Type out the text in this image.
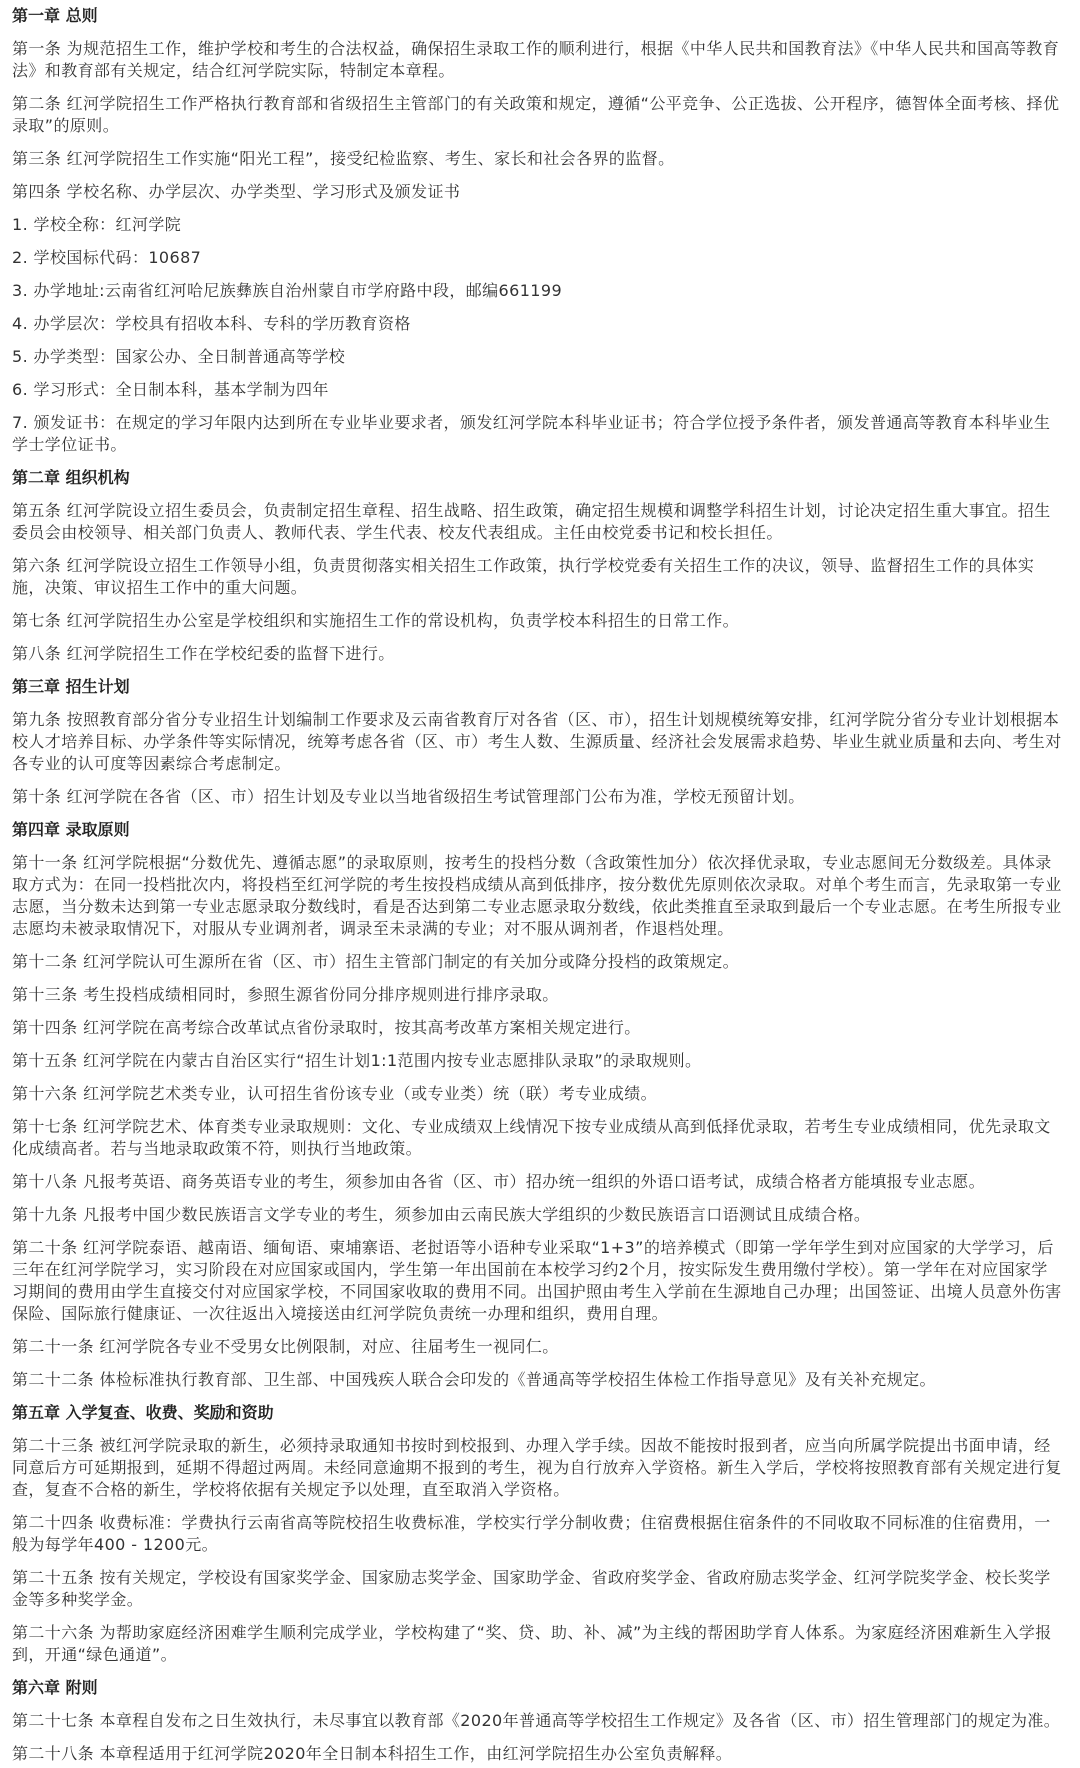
第一章 总则

第一条 为规范招生工作，维护学校和考生的合法权益，确保招生录取工作的顺利进行，根据《中华人民共和国教育法》《中华人民共和国高等教育法》和教育部有关规定，结合红河学院实际，特制定本章程。

第二条 红河学院招生工作严格执行教育部和省级招生主管部门的有关政策和规定，遵循“公平竞争、公正选拔、公开程序，德智体全面考核、择优录取”的原则。

第三条 红河学院招生工作实施“阳光工程”，接受纪检监察、考生、家长和社会各界的监督。

第四条 学校名称、办学层次、办学类型、学习形式及颁发证书

1. 学校全称：红河学院

2. 学校国标代码：10687

3. 办学地址:云南省红河哈尼族彝族自治州蒙自市学府路中段，邮编661199

4. 办学层次：学校具有招收本科、专科的学历教育资格

5. 办学类型：国家公办、全日制普通高等学校

6. 学习形式：全日制本科，基本学制为四年

7. 颁发证书：在规定的学习年限内达到所在专业毕业要求者，颁发红河学院本科毕业证书；符合学位授予条件者，颁发普通高等教育本科毕业生学士学位证书。

第二章 组织机构

第五条 红河学院设立招生委员会，负责制定招生章程、招生战略、招生政策，确定招生规模和调整学科招生计划，讨论决定招生重大事宜。招生委员会由校领导、相关部门负责人、教师代表、学生代表、校友代表组成。主任由校党委书记和校长担任。

第六条 红河学院设立招生工作领导小组，负责贯彻落实相关招生工作政策，执行学校党委有关招生工作的决议，领导、监督招生工作的具体实施，决策、审议招生工作中的重大问题。

第七条 红河学院招生办公室是学校组织和实施招生工作的常设机构，负责学校本科招生的日常工作。

第八条 红河学院招生工作在学校纪委的监督下进行。

第三章 招生计划

第九条 按照教育部分省分专业招生计划编制工作要求及云南省教育厅对各省（区、市），招生计划规模统筹安排，红河学院分省分专业计划根据本校人才培养目标、办学条件等实际情况，统筹考虑各省（区、市）考生人数、生源质量、经济社会发展需求趋势、毕业生就业质量和去向、考生对各专业的认可度等因素综合考虑制定。

第十条 红河学院在各省（区、市）招生计划及专业以当地省级招生考试管理部门公布为准，学校无预留计划。

第四章 录取原则

第十一条 红河学院根据“分数优先、遵循志愿”的录取原则，按考生的投档分数（含政策性加分）依次择优录取，专业志愿间无分数级差。具体录取方式为：在同一投档批次内，将投档至红河学院的考生按投档成绩从高到低排序，按分数优先原则依次录取。对单个考生而言，先录取第一专业志愿，当分数未达到第一专业志愿录取分数线时，看是否达到第二专业志愿录取分数线，依此类推直至录取到最后一个专业志愿。在考生所报专业志愿均未被录取情况下，对服从专业调剂者，调录至未录满的专业；对不服从调剂者，作退档处理。

第十二条 红河学院认可生源所在省（区、市）招生主管部门制定的有关加分或降分投档的政策规定。

第十三条 考生投档成绩相同时，参照生源省份同分排序规则进行排序录取。

第十四条 红河学院在高考综合改革试点省份录取时，按其高考改革方案相关规定进行。

第十五条 红河学院在内蒙古自治区实行“招生计划1:1范围内按专业志愿排队录取”的录取规则。

第十六条 红河学院艺术类专业，认可招生省份该专业（或专业类）统（联）考专业成绩。

第十七条 红河学院艺术、体育类专业录取规则：文化、专业成绩双上线情况下按专业成绩从高到低择优录取，若考生专业成绩相同，优先录取文化成绩高者。若与当地录取政策不符，则执行当地政策。

第十八条 凡报考英语、商务英语专业的考生，须参加由各省（区、市）招办统一组织的外语口语考试，成绩合格者方能填报专业志愿。

第十九条 凡报考中国少数民族语言文学专业的考生，须参加由云南民族大学组织的少数民族语言口语测试且成绩合格。

第二十条 红河学院泰语、越南语、缅甸语、柬埔寨语、老挝语等小语种专业采取“1+3”的培养模式（即第一学年学生到对应国家的大学学习，后三年在红河学院学习，实习阶段在对应国家或国内，学生第一年出国前在本校学习约2个月，按实际发生费用缴付学校）。第一学年在对应国家学习期间的费用由学生直接交付对应国家学校，不同国家收取的费用不同。出国护照由考生入学前在生源地自己办理；出国签证、出境人员意外伤害保险、国际旅行健康证、一次往返出入境接送由红河学院负责统一办理和组织，费用自理。

第二十一条 红河学院各专业不受男女比例限制，对应、往届考生一视同仁。

第二十二条 体检标准执行教育部、卫生部、中国残疾人联合会印发的《普通高等学校招生体检工作指导意见》及有关补充规定。

第五章 入学复查、收费、奖励和资助

第二十三条 被红河学院录取的新生，必须持录取通知书按时到校报到、办理入学手续。因故不能按时报到者，应当向所属学院提出书面申请，经同意后方可延期报到，延期不得超过两周。未经同意逾期不报到的考生，视为自行放弃入学资格。新生入学后，学校将按照教育部有关规定进行复查，复查不合格的新生，学校将依据有关规定予以处理，直至取消入学资格。

第二十四条 收费标准：学费执行云南省高等院校招生收费标准，学校实行学分制收费；住宿费根据住宿条件的不同收取不同标准的住宿费用，一般为每学年400 - 1200元。

第二十五条 按有关规定，学校设有国家奖学金、国家励志奖学金、国家助学金、省政府奖学金、省政府励志奖学金、红河学院奖学金、校长奖学金等多种奖学金。

第二十六条 为帮助家庭经济困难学生顺利完成学业，学校构建了“奖、贷、助、补、减”为主线的帮困助学育人体系。为家庭经济困难新生入学报到，开通“绿色通道”。

第六章 附则

第二十七条 本章程自发布之日生效执行，未尽事宜以教育部《2020年普通高等学校招生工作规定》及各省（区、市）招生管理部门的规定为准。

第二十八条 本章程适用于红河学院2020年全日制本科招生工作，由红河学院招生办公室负责解释。
